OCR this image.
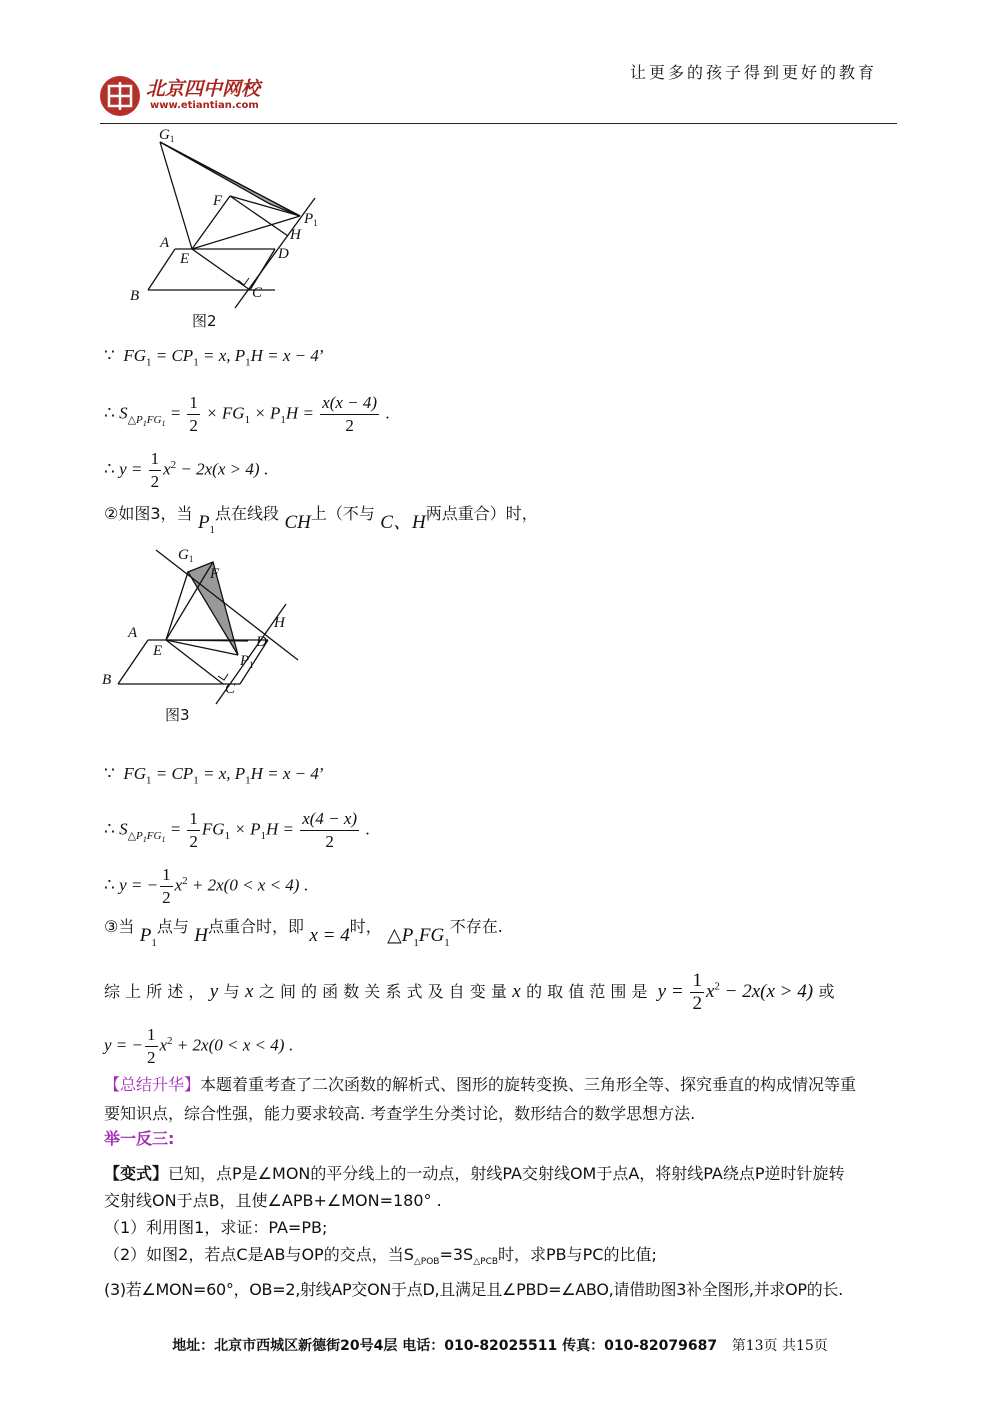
北京四中网校
www.etiantian.com
让更多的孩子得到更好的教育
$G_1$
F
$P_1$
H
A
E	D
B	C
图2
∵  $FG_1 = CP_1 = x$, $P_1H = x - 4$’
∴ $S_{\triangle P_1FG_1} = \frac{1}{2} \times FG_1 \times P_1H = \frac{x(x - 4)}{2}$ .
∴ $y = \frac{1}{2} x^2 - 2x(x > 4)$ .
②如图3，当 $P_1$点在线段 CH上（不与 C、H两点重合）时，
$G_1$
F
H
A
D
E
$P_1$
B
C
图3
∵  $FG_1 = CP_1 = x$, $P_1H = x - 4$’
∴ $S_{\triangle P_1FG_1} = \frac{1}{2} FG_1 \times P_1H = \frac{x(4 - x)}{2}$ .
∴ y = − $\frac{1}{2} x^2 + 2x(0 < x < 4)$ .
③当 $P_1$点与 H点重合时，即 x = 4时， $\triangle P_1FG_1$不存在.
综 上 所 述 ， y 与 x 之 间 的 函 数 关 系 式 及 自 变 量 x 的 取 值 范 围 是  $y = \frac{1}{2} x^2 - 2x(x > 4)$ 或
y = − $\frac{1}{2} x^2 + 2x(0 < x < 4)$ .
【总结升华】本题着重考查了二次函数的解析式、图形的旋转变换、三角形全等、探究垂直的构成情况等重
要知识点，综合性强，能力要求较高. 考查学生分类讨论，数形结合的数学思想方法.
举一反三:
【变式】已知，点P是∠MON的平分线上的一动点，射线PA交射线OM于点A，将射线PA绕点P逆时针旋转
交射线ON于点B，且使∠APB+∠MON=180° .
（1）利用图1，求证：PA=PB;
（2）如图2，若点C是AB与OP的交点，当$S_{\triangle POB}=3S_{\triangle PCB}$时，求PB与PC的比值;
(3)若∠MON=60°，OB=2,射线AP交ON于点D,且满足且∠PBD=∠ABO,请借助图3补全图形,并求OP的长.
地址：北京市西城区新德街20号4层 电话：010-82025511 传真：010-82079687 第13页 共15页
